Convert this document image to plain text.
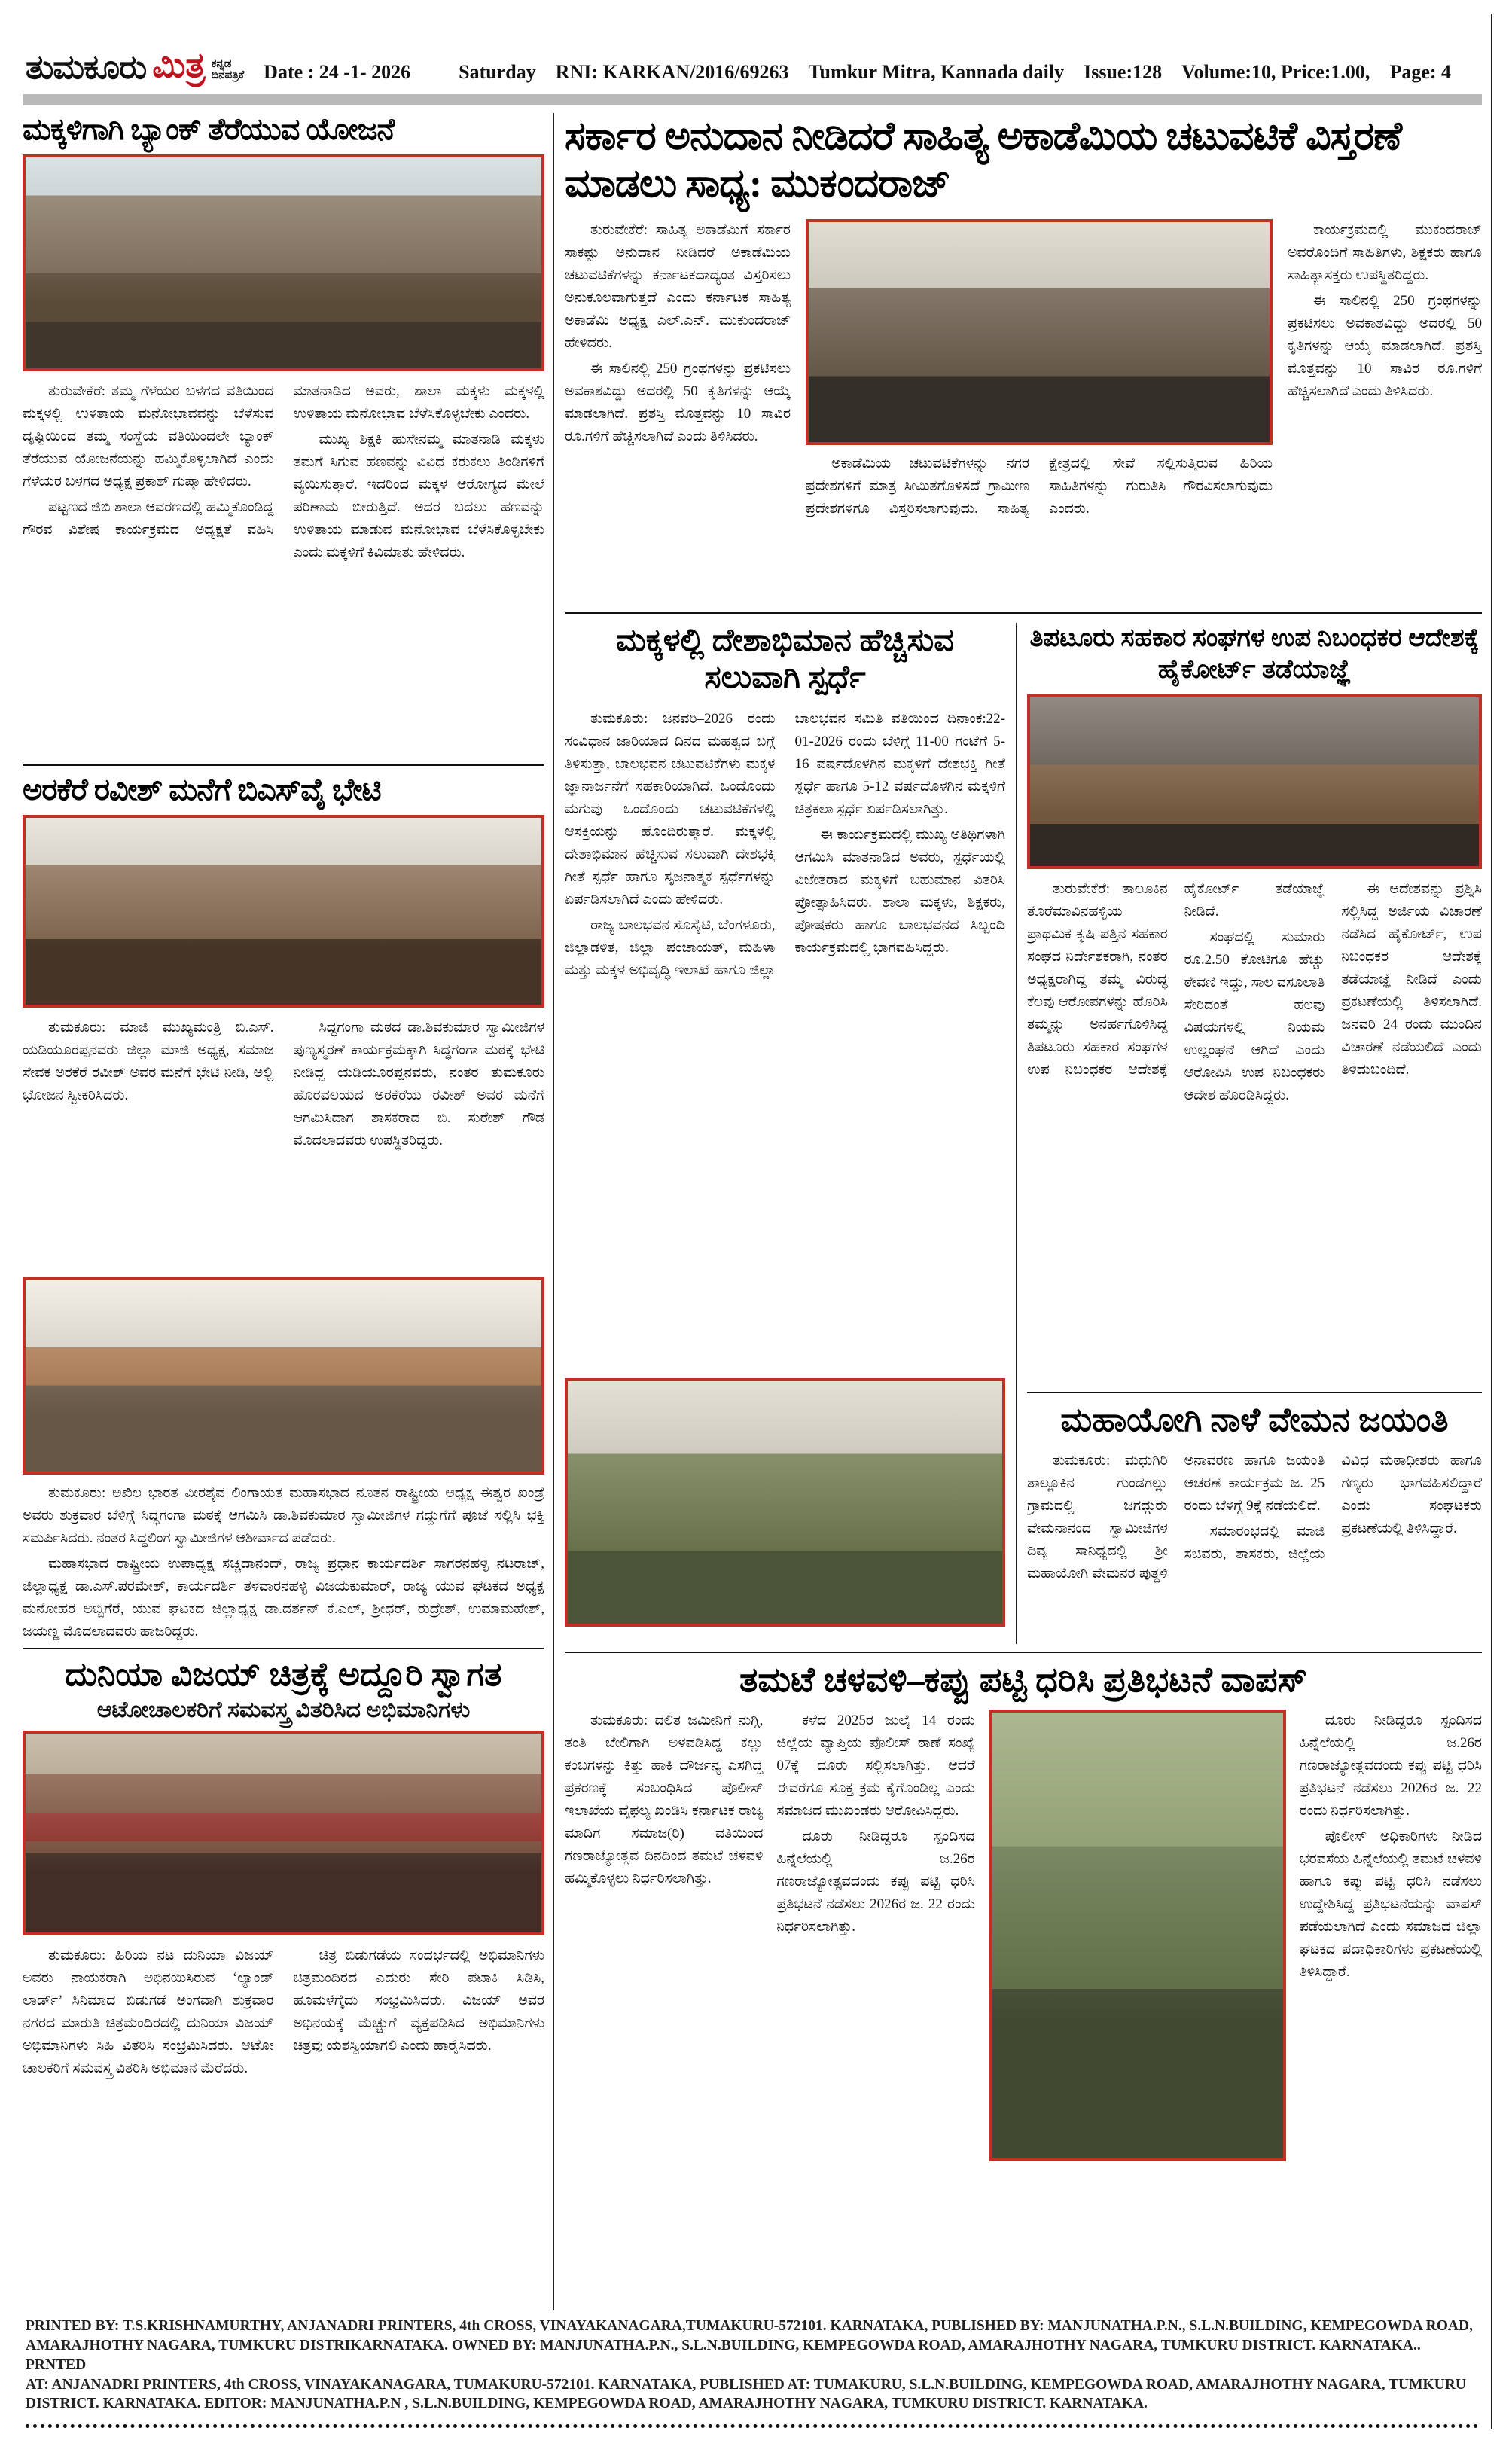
ತುಮಕೂರು ಮಿತ್ರ ಕನ್ನಡ
ದಿನಪತ್ರಿಕೆ Date : 24 -1- 2026 Saturday RNI: KARKAN/2016/69263 Tumkur Mitra, Kannada daily Issue:128 Volume:10, Price:1.00, Page: 4
ಮಕ್ಕಳಿಗಾಗಿ ಬ್ಯಾಂಕ್ ತೆರೆಯುವ ಯೋಜನೆ

ತುರುವೇಕೆರೆ: ತಮ್ಮ ಗೆಳೆಯರ ಬಳಗದ ವತಿಯಿಂದ ಮಕ್ಕಳಲ್ಲಿ ಉಳಿತಾಯ ಮನೋಭಾವವನ್ನು ಬೆಳೆಸುವ ದೃಷ್ಟಿಯಿಂದ ತಮ್ಮ ಸಂಸ್ಥೆಯ ವತಿಯಿಂದಲೇ ಬ್ಯಾಂಕ್ ತೆರೆಯುವ ಯೋಜನೆಯನ್ನು ಹಮ್ಮಿಕೊಳ್ಳಲಾಗಿದೆ ಎಂದು ಗೆಳೆಯರ ಬಳಗದ ಅಧ್ಯಕ್ಷ ಪ್ರಕಾಶ್ ಗುಪ್ತಾ ಹೇಳಿದರು.

ಪಟ್ಟಣದ ಜಿಬಿ ಶಾಲಾ ಆವರಣದಲ್ಲಿ ಹಮ್ಮಿಕೊಂಡಿದ್ದ ಗೌರವ ವಿಶೇಷ ಕಾರ್ಯಕ್ರಮದ ಅಧ್ಯಕ್ಷತೆ ವಹಿಸಿ ಮಾತನಾಡಿದ ಅವರು, ಶಾಲಾ ಮಕ್ಕಳು ಮಕ್ಕಳಲ್ಲಿ ಉಳಿತಾಯ ಮನೋಭಾವ ಬೆಳೆಸಿಕೊಳ್ಳಬೇಕು ಎಂದರು.

ಮುಖ್ಯ ಶಿಕ್ಷಕಿ ಹುಸೇನಮ್ಮ ಮಾತನಾಡಿ ಮಕ್ಕಳು ತಮಗೆ ಸಿಗುವ ಹಣವನ್ನು ವಿವಿಧ ಕರುಕಲು ತಿಂಡಿಗಳಿಗೆ ವ್ಯಯಿಸುತ್ತಾರೆ. ಇದರಿಂದ ಮಕ್ಕಳ ಆರೋಗ್ಯದ ಮೇಲೆ ಪರಿಣಾಮ ಬೀರುತ್ತಿದೆ. ಅದರ ಬದಲು ಹಣವನ್ನು ಉಳಿತಾಯ ಮಾಡುವ ಮನೋಭಾವ ಬೆಳೆಸಿಕೊಳ್ಳಬೇಕು ಎಂದು ಮಕ್ಕಳಿಗೆ ಕಿವಿಮಾತು ಹೇಳಿದರು.

ಅರಕೆರೆ ರವೀಶ್ ಮನೆಗೆ ಬಿಎಸ್‌ವೈ ಭೇಟಿ

ತುಮಕೂರು: ಮಾಜಿ ಮುಖ್ಯಮಂತ್ರಿ ಬಿ.ಎಸ್. ಯಡಿಯೂರಪ್ಪನವರು ಜಿಲ್ಲಾ ಮಾಜಿ ಅಧ್ಯಕ್ಷ, ಸಮಾಜ ಸೇವಕ ಅರಕೆರೆ ರವೀಶ್ ಅವರ ಮನೆಗೆ ಭೇಟಿ ನೀಡಿ, ಅಲ್ಲಿ ಭೋಜನ ಸ್ವೀಕರಿಸಿದರು.

ಸಿದ್ಧಗಂಗಾ ಮಠದ ಡಾ.ಶಿವಕುಮಾರ ಸ್ವಾಮೀಜಿಗಳ ಪುಣ್ಯಸ್ಮರಣೆ ಕಾರ್ಯಕ್ರಮಕ್ಕಾಗಿ ಸಿದ್ಧಗಂಗಾ ಮಠಕ್ಕೆ ಭೇಟಿ ನೀಡಿದ್ದ ಯಡಿಯೂರಪ್ಪನವರು, ನಂತರ ತುಮಕೂರು ಹೊರವಲಯದ ಅರಕೆರೆಯ ರವೀಶ್ ಅವರ ಮನೆಗೆ ಆಗಮಿಸಿದಾಗ ಶಾಸಕರಾದ ಬಿ. ಸುರೇಶ್ ಗೌಡ ಮೊದಲಾದವರು ಉಪಸ್ಥಿತರಿದ್ದರು.

ತುಮಕೂರು: ಅಖಿಲ ಭಾರತ ವೀರಶೈವ ಲಿಂಗಾಯತ ಮಹಾಸಭಾದ ನೂತನ ರಾಷ್ಟ್ರೀಯ ಅಧ್ಯಕ್ಷ ಈಶ್ವರ ಖಂಡ್ರೆ ಅವರು ಶುಕ್ರವಾರ ಬೆಳಿಗ್ಗೆ ಸಿದ್ಧಗಂಗಾ ಮಠಕ್ಕೆ ಆಗಮಿಸಿ ಡಾ.ಶಿವಕುಮಾರ ಸ್ವಾಮೀಜಿಗಳ ಗದ್ದುಗೆಗೆ ಪೂಜೆ ಸಲ್ಲಿಸಿ ಭಕ್ತಿ ಸಮರ್ಪಿಸಿದರು. ನಂತರ ಸಿದ್ಧಲಿಂಗ ಸ್ವಾಮೀಜಿಗಳ ಆಶೀರ್ವಾದ ಪಡೆದರು.

ಮಹಾಸಭಾದ ರಾಷ್ಟ್ರೀಯ ಉಪಾಧ್ಯಕ್ಷ ಸಚ್ಚಿದಾನಂದ್, ರಾಜ್ಯ ಪ್ರಧಾನ ಕಾರ್ಯದರ್ಶಿ ಸಾಗರನಹಳ್ಳಿ ನಟರಾಜ್, ಜಿಲ್ಲಾಧ್ಯಕ್ಷ ಡಾ.ಎಸ್.ಪರಮೇಶ್, ಕಾರ್ಯದರ್ಶಿ ತಳವಾರನಹಳ್ಳಿ ವಿಜಯಕುಮಾರ್, ರಾಜ್ಯ ಯುವ ಘಟಕದ ಅಧ್ಯಕ್ಷ ಮನೋಹರ ಅಬ್ಬಿಗೆರೆ, ಯುವ ಘಟಕದ ಜಿಲ್ಲಾಧ್ಯಕ್ಷ ಡಾ.ದರ್ಶನ್ ಕೆ.ಎಲ್, ಶ್ರೀಧರ್, ರುದ್ರೇಶ್, ಉಮಾಮಹೇಶ್, ಜಯಣ್ಣ ಮೊದಲಾದವರು ಹಾಜರಿದ್ದರು.

ದುನಿಯಾ ವಿಜಯ್ ಚಿತ್ರಕ್ಕೆ ಅದ್ದೂರಿ ಸ್ವಾಗತ
ಆಟೋಚಾಲಕರಿಗೆ ಸಮವಸ್ತ್ರ ವಿತರಿಸಿದ ಅಭಿಮಾನಿಗಳು

ತುಮಕೂರು: ಹಿರಿಯ ನಟ ದುನಿಯಾ ವಿಜಯ್ ಅವರು ನಾಯಕರಾಗಿ ಅಭಿನಯಿಸಿರುವ ‘ಲ್ಯಾಂಡ್ ಲಾರ್ಡ್’ ಸಿನಿಮಾದ ಬಿಡುಗಡೆ ಅಂಗವಾಗಿ ಶುಕ್ರವಾರ ನಗರದ ಮಾರುತಿ ಚಿತ್ರಮಂದಿರದಲ್ಲಿ ದುನಿಯಾ ವಿಜಯ್ ಅಭಿಮಾನಿಗಳು ಸಿಹಿ ವಿತರಿಸಿ ಸಂಭ್ರಮಿಸಿದರು. ಆಟೋ ಚಾಲಕರಿಗೆ ಸಮವಸ್ತ್ರ ವಿತರಿಸಿ ಅಭಿಮಾನ ಮೆರೆದರು.

ಚಿತ್ರ ಬಿಡುಗಡೆಯ ಸಂದರ್ಭದಲ್ಲಿ ಅಭಿಮಾನಿಗಳು ಚಿತ್ರಮಂದಿರದ ಎದುರು ಸೇರಿ ಪಟಾಕಿ ಸಿಡಿಸಿ, ಹೂಮಳೆಗೈದು ಸಂಭ್ರಮಿಸಿದರು. ವಿಜಯ್ ಅವರ ಅಭಿನಯಕ್ಕೆ ಮೆಚ್ಚುಗೆ ವ್ಯಕ್ತಪಡಿಸಿದ ಅಭಿಮಾನಿಗಳು ಚಿತ್ರವು ಯಶಸ್ವಿಯಾಗಲಿ ಎಂದು ಹಾರೈಸಿದರು.

ಸರ್ಕಾರ ಅನುದಾನ ನೀಡಿದರೆ ಸಾಹಿತ್ಯ ಅಕಾಡೆಮಿಯ ಚಟುವಟಿಕೆ ವಿಸ್ತರಣೆ ಮಾಡಲು ಸಾಧ್ಯ: ಮುಕಂದರಾಜ್

ತುರುವೇಕೆರೆ: ಸಾಹಿತ್ಯ ಅಕಾಡೆಮಿಗೆ ಸರ್ಕಾರ ಸಾಕಷ್ಟು ಅನುದಾನ ನೀಡಿದರೆ ಅಕಾಡೆಮಿಯ ಚಟುವಟಿಕೆಗಳನ್ನು ಕರ್ನಾಟಕದಾದ್ಯಂತ ವಿಸ್ತರಿಸಲು ಅನುಕೂಲವಾಗುತ್ತದೆ ಎಂದು ಕರ್ನಾಟಕ ಸಾಹಿತ್ಯ ಅಕಾಡೆಮಿ ಅಧ್ಯಕ್ಷ ಎಲ್.ಎನ್. ಮುಕುಂದರಾಜ್ ಹೇಳಿದರು.

ಈ ಸಾಲಿನಲ್ಲಿ 250 ಗ್ರಂಥಗಳನ್ನು ಪ್ರಕಟಿಸಲು ಅವಕಾಶವಿದ್ದು ಅದರಲ್ಲಿ 50 ಕೃತಿಗಳನ್ನು ಆಯ್ಕೆ ಮಾಡಲಾಗಿದೆ. ಪ್ರಶಸ್ತಿ ಮೊತ್ತವನ್ನು 10 ಸಾವಿರ ರೂ.ಗಳಿಗೆ ಹೆಚ್ಚಿಸಲಾಗಿದೆ ಎಂದು ತಿಳಿಸಿದರು.

ಅಕಾಡೆಮಿಯ ಚಟುವಟಿಕೆಗಳನ್ನು ನಗರ ಪ್ರದೇಶಗಳಿಗೆ ಮಾತ್ರ ಸೀಮಿತಗೊಳಿಸದೆ ಗ್ರಾಮೀಣ ಪ್ರದೇಶಗಳಿಗೂ ವಿಸ್ತರಿಸಲಾಗುವುದು. ಸಾಹಿತ್ಯ ಕ್ಷೇತ್ರದಲ್ಲಿ ಸೇವೆ ಸಲ್ಲಿಸುತ್ತಿರುವ ಹಿರಿಯ ಸಾಹಿತಿಗಳನ್ನು ಗುರುತಿಸಿ ಗೌರವಿಸಲಾಗುವುದು ಎಂದರು.

ಕಾರ್ಯಕ್ರಮದಲ್ಲಿ ಮುಕಂದರಾಜ್ ಅವರೊಂದಿಗೆ ಸಾಹಿತಿಗಳು, ಶಿಕ್ಷಕರು ಹಾಗೂ ಸಾಹಿತ್ಯಾಸಕ್ತರು ಉಪಸ್ಥಿತರಿದ್ದರು.

ಈ ಸಾಲಿನಲ್ಲಿ 250 ಗ್ರಂಥಗಳನ್ನು ಪ್ರಕಟಿಸಲು ಅವಕಾಶವಿದ್ದು ಅದರಲ್ಲಿ 50 ಕೃತಿಗಳನ್ನು ಆಯ್ಕೆ ಮಾಡಲಾಗಿದೆ. ಪ್ರಶಸ್ತಿ ಮೊತ್ತವನ್ನು 10 ಸಾವಿರ ರೂ.ಗಳಿಗೆ ಹೆಚ್ಚಿಸಲಾಗಿದೆ ಎಂದು ತಿಳಿಸಿದರು.

ಮಕ್ಕಳಲ್ಲಿ ದೇಶಾಭಿಮಾನ ಹೆಚ್ಚಿಸುವ ಸಲುವಾಗಿ ಸ್ಪರ್ಧೆ

ತುಮಕೂರು: ಜನವರಿ–2026 ರಂದು ಸಂವಿಧಾನ ಜಾರಿಯಾದ ದಿನದ ಮಹತ್ವದ ಬಗ್ಗೆ ತಿಳಿಸುತ್ತಾ, ಬಾಲಭವನ ಚಟುವಟಿಕೆಗಳು ಮಕ್ಕಳ ಜ್ಞಾನಾರ್ಜನೆಗೆ ಸಹಕಾರಿಯಾಗಿದೆ. ಒಂದೊಂದು ಮಗುವು ಒಂದೊಂದು ಚಟುವಟಿಕೆಗಳಲ್ಲಿ ಆಸಕ್ತಿಯನ್ನು ಹೊಂದಿರುತ್ತಾರೆ. ಮಕ್ಕಳಲ್ಲಿ ದೇಶಾಭಿಮಾನ ಹೆಚ್ಚಿಸುವ ಸಲುವಾಗಿ ದೇಶಭಕ್ತಿ ಗೀತೆ ಸ್ಪರ್ಧೆ ಹಾಗೂ ಸೃಜನಾತ್ಮಕ ಸ್ಪರ್ಧೆಗಳನ್ನು ಏರ್ಪಡಿಸಲಾಗಿದೆ ಎಂದು ಹೇಳಿದರು.

ರಾಜ್ಯ ಬಾಲಭವನ ಸೊಸೈಟಿ, ಬೆಂಗಳೂರು, ಜಿಲ್ಲಾಡಳಿತ, ಜಿಲ್ಲಾ ಪಂಚಾಯತ್, ಮಹಿಳಾ ಮತ್ತು ಮಕ್ಕಳ ಅಭಿವೃದ್ಧಿ ಇಲಾಖೆ ಹಾಗೂ ಜಿಲ್ಲಾ ಬಾಲಭವನ ಸಮಿತಿ ವತಿಯಿಂದ ದಿನಾಂಕ:22-01-2026 ರಂದು ಬೆಳಿಗ್ಗೆ 11-00 ಗಂಟೆಗೆ 5-16 ವರ್ಷದೊಳಗಿನ ಮಕ್ಕಳಿಗೆ ದೇಶಭಕ್ತಿ ಗೀತೆ ಸ್ಪರ್ಧೆ ಹಾಗೂ 5-12 ವರ್ಷದೊಳಗಿನ ಮಕ್ಕಳಿಗೆ ಚಿತ್ರಕಲಾ ಸ್ಪರ್ಧೆ ಏರ್ಪಡಿಸಲಾಗಿತ್ತು.

ಈ ಕಾರ್ಯಕ್ರಮದಲ್ಲಿ ಮುಖ್ಯ ಅತಿಥಿಗಳಾಗಿ ಆಗಮಿಸಿ ಮಾತನಾಡಿದ ಅವರು, ಸ್ಪರ್ಧೆಯಲ್ಲಿ ವಿಜೇತರಾದ ಮಕ್ಕಳಿಗೆ ಬಹುಮಾನ ವಿತರಿಸಿ ಪ್ರೋತ್ಸಾಹಿಸಿದರು. ಶಾಲಾ ಮಕ್ಕಳು, ಶಿಕ್ಷಕರು, ಪೋಷಕರು ಹಾಗೂ ಬಾಲಭವನದ ಸಿಬ್ಬಂದಿ ಕಾರ್ಯಕ್ರಮದಲ್ಲಿ ಭಾಗವಹಿಸಿದ್ದರು.

ತಿಪಟೂರು ಸಹಕಾರ ಸಂಘಗಳ ಉಪ ನಿಬಂಧಕರ ಆದೇಶಕ್ಕೆ ಹೈಕೋರ್ಟ್ ತಡೆಯಾಜ್ಞೆ

ತುರುವೇಕೆರೆ: ತಾಲೂಕಿನ ತೊರೆಮಾವಿನಹಳ್ಳಿಯ ಪ್ರಾಥಮಿಕ ಕೃಷಿ ಪತ್ತಿನ ಸಹಕಾರ ಸಂಘದ ನಿರ್ದೇಶಕರಾಗಿ, ನಂತರ ಅಧ್ಯಕ್ಷರಾಗಿದ್ದ ತಮ್ಮ ವಿರುದ್ಧ ಕೆಲವು ಆರೋಪಗಳನ್ನು ಹೊರಿಸಿ ತಮ್ಮನ್ನು ಅನರ್ಹಗೊಳಿಸಿದ್ದ ತಿಪಟೂರು ಸಹಕಾರ ಸಂಘಗಳ ಉಪ ನಿಬಂಧಕರ ಆದೇಶಕ್ಕೆ ಹೈಕೋರ್ಟ್ ತಡೆಯಾಜ್ಞೆ ನೀಡಿದೆ.

ಸಂಘದಲ್ಲಿ ಸುಮಾರು ರೂ.2.50 ಕೋಟಿಗೂ ಹೆಚ್ಚು ಠೇವಣಿ ಇದ್ದು, ಸಾಲ ವಸೂಲಾತಿ ಸೇರಿದಂತೆ ಹಲವು ವಿಷಯಗಳಲ್ಲಿ ನಿಯಮ ಉಲ್ಲಂಘನೆ ಆಗಿದೆ ಎಂದು ಆರೋಪಿಸಿ ಉಪ ನಿಬಂಧಕರು ಆದೇಶ ಹೊರಡಿಸಿದ್ದರು.

ಈ ಆದೇಶವನ್ನು ಪ್ರಶ್ನಿಸಿ ಸಲ್ಲಿಸಿದ್ದ ಅರ್ಜಿಯ ವಿಚಾರಣೆ ನಡೆಸಿದ ಹೈಕೋರ್ಟ್, ಉಪ ನಿಬಂಧಕರ ಆದೇಶಕ್ಕೆ ತಡೆಯಾಜ್ಞೆ ನೀಡಿದೆ ಎಂದು ಪ್ರಕಟಣೆಯಲ್ಲಿ ತಿಳಿಸಲಾಗಿದೆ. ಜನವರಿ 24 ರಂದು ಮುಂದಿನ ವಿಚಾರಣೆ ನಡೆಯಲಿದೆ ಎಂದು ತಿಳಿದುಬಂದಿದೆ.

ಮಹಾಯೋಗಿ ನಾಳೆ ವೇಮನ ಜಯಂತಿ

ತುಮಕೂರು: ಮಧುಗಿರಿ ತಾಲ್ಲೂಕಿನ ಗುಂಡಗಲ್ಲು ಗ್ರಾಮದಲ್ಲಿ ಜಗದ್ಗುರು ವೇಮನಾನಂದ ಸ್ವಾಮೀಜಿಗಳ ದಿವ್ಯ ಸಾನಿಧ್ಯದಲ್ಲಿ ಶ್ರೀ ಮಹಾಯೋಗಿ ವೇಮನರ ಪುತ್ಥಳಿ ಅನಾವರಣ ಹಾಗೂ ಜಯಂತಿ ಆಚರಣೆ ಕಾರ್ಯಕ್ರಮ ಜ. 25 ರಂದು ಬೆಳಿಗ್ಗೆ 9ಕ್ಕೆ ನಡೆಯಲಿದೆ.

ಸಮಾರಂಭದಲ್ಲಿ ಮಾಜಿ ಸಚಿವರು, ಶಾಸಕರು, ಜಿಲ್ಲೆಯ ವಿವಿಧ ಮಠಾಧೀಶರು ಹಾಗೂ ಗಣ್ಯರು ಭಾಗವಹಿಸಲಿದ್ದಾರೆ ಎಂದು ಸಂಘಟಕರು ಪ್ರಕಟಣೆಯಲ್ಲಿ ತಿಳಿಸಿದ್ದಾರೆ.

ತಮಟೆ ಚಳವಳಿ–ಕಪ್ಪು ಪಟ್ಟಿ ಧರಿಸಿ ಪ್ರತಿಭಟನೆ ವಾಪಸ್

ತುಮಕೂರು: ದಲಿತ ಜಮೀನಿಗೆ ನುಗ್ಗಿ, ತಂತಿ ಬೇಲಿಗಾಗಿ ಅಳವಡಿಸಿದ್ದ ಕಲ್ಲು ಕಂಬಗಳನ್ನು ಕಿತ್ತು ಹಾಕಿ ದೌರ್ಜನ್ಯ ಎಸಗಿದ್ದ ಪ್ರಕರಣಕ್ಕೆ ಸಂಬಂಧಿಸಿದ ಪೊಲೀಸ್ ಇಲಾಖೆಯ ವೈಫಲ್ಯ ಖಂಡಿಸಿ ಕರ್ನಾಟಕ ರಾಜ್ಯ ಮಾದಿಗ ಸಮಾಜ(ರಿ) ವತಿಯಿಂದ ಗಣರಾಜ್ಯೋತ್ಸವ ದಿನದಿಂದ ತಮಟೆ ಚಳವಳಿ ಹಮ್ಮಿಕೊಳ್ಳಲು ನಿರ್ಧರಿಸಲಾಗಿತ್ತು.

ಕಳೆದ 2025ರ ಜುಲೈ 14 ರಂದು ಜಿಲ್ಲೆಯ ವ್ಯಾಪ್ತಿಯ ಪೊಲೀಸ್ ಠಾಣೆ ಸಂಖ್ಯೆ 07ಕ್ಕೆ ದೂರು ಸಲ್ಲಿಸಲಾಗಿತ್ತು. ಆದರೆ ಈವರೆಗೂ ಸೂಕ್ತ ಕ್ರಮ ಕೈಗೊಂಡಿಲ್ಲ ಎಂದು ಸಮಾಜದ ಮುಖಂಡರು ಆರೋಪಿಸಿದ್ದರು.

ದೂರು ನೀಡಿದ್ದರೂ ಸ್ಪಂದಿಸದ ಹಿನ್ನೆಲೆಯಲ್ಲಿ ಜ.26ರ ಗಣರಾಜ್ಯೋತ್ಸವದಂದು ಕಪ್ಪು ಪಟ್ಟಿ ಧರಿಸಿ ಪ್ರತಿಭಟನೆ ನಡೆಸಲು 2026ರ ಜ. 22 ರಂದು ನಿರ್ಧರಿಸಲಾಗಿತ್ತು.

ದೂರು ನೀಡಿದ್ದರೂ ಸ್ಪಂದಿಸದ ಹಿನ್ನೆಲೆಯಲ್ಲಿ ಜ.26ರ ಗಣರಾಜ್ಯೋತ್ಸವದಂದು ಕಪ್ಪು ಪಟ್ಟಿ ಧರಿಸಿ ಪ್ರತಿಭಟನೆ ನಡೆಸಲು 2026ರ ಜ. 22 ರಂದು ನಿರ್ಧರಿಸಲಾಗಿತ್ತು.

ಪೊಲೀಸ್ ಅಧಿಕಾರಿಗಳು ನೀಡಿದ ಭರವಸೆಯ ಹಿನ್ನೆಲೆಯಲ್ಲಿ ತಮಟೆ ಚಳವಳಿ ಹಾಗೂ ಕಪ್ಪು ಪಟ್ಟಿ ಧರಿಸಿ ನಡೆಸಲು ಉದ್ದೇಶಿಸಿದ್ದ ಪ್ರತಿಭಟನೆಯನ್ನು ವಾಪಸ್ ಪಡೆಯಲಾಗಿದೆ ಎಂದು ಸಮಾಜದ ಜಿಲ್ಲಾ ಘಟಕದ ಪದಾಧಿಕಾರಿಗಳು ಪ್ರಕಟಣೆಯಲ್ಲಿ ತಿಳಿಸಿದ್ದಾರೆ.

PRINTED BY: T.S.KRISHNAMURTHY, ANJANADRI PRINTERS, 4th CROSS, VINAYAKANAGARA,TUMAKURU-572101. KARNATAKA, PUBLISHED BY: MANJUNATHA.P.N., S.L.N.BUILDING, KEMPEGOWDA ROAD,

AMARAJHOTHY NAGARA, TUMKURU DISTRIKARNATAKA. OWNED BY: MANJUNATHA.P.N., S.L.N.BUILDING, KEMPEGOWDA ROAD, AMARAJHOTHY NAGARA, TUMKURU DISTRICT. KARNATAKA.. PRNTED

AT: ANJANADRI PRINTERS, 4th CROSS, VINAYAKANAGARA, TUMAKURU-572101. KARNATAKA, PUBLISHED AT: TUMAKURU, S.L.N.BUILDING, KEMPEGOWDA ROAD, AMARAJHOTHY NAGARA, TUMKURU

DISTRICT. KARNATAKA. EDITOR: MANJUNATHA.P.N , S.L.N.BUILDING, KEMPEGOWDA ROAD, AMARAJHOTHY NAGARA, TUMKURU DISTRICT. KARNATAKA.
